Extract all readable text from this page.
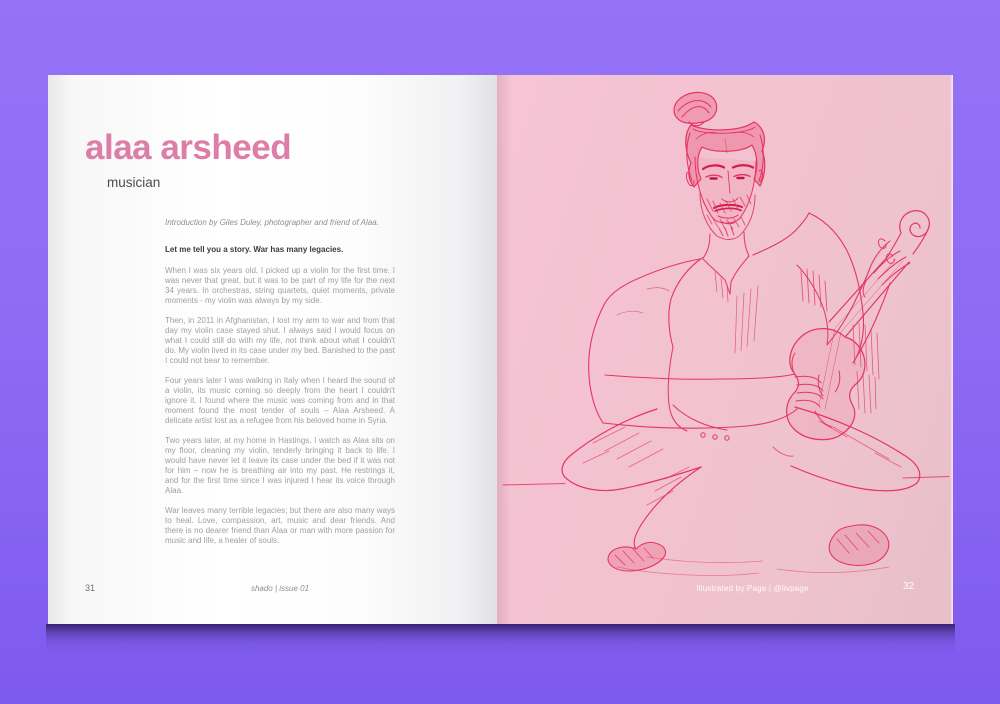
alaa arsheed
musician
Introduction by Giles Duley, photographer and friend of Alaa.

Let me tell you a story. War has many legacies.

When I was six years old, I picked up a violin for the first time. I was never that great, but it was to be part of my life for the next 34 years. In orchestras, string quartets, quiet moments, private moments - my violin was always by my side.

Then, in 2011 in Afghanistan, I lost my arm to war and from that day my violin case stayed shut. I always said I would focus on what I could still do with my life, not think about what I couldn't do. My violin lived in its case under my bed. Banished to the past I could not bear to remember.

Four years later I was walking in Italy when I heard the sound of a violin, its music coming so deeply from the heart I couldn't ignore it. I found where the music was coming from and in that moment found the most tender of souls – Alaa Arsheed. A delicate artist lost as a refugee from his beloved home in Syria.

Two years later, at my home in Hastings, I watch as Alaa sits on my floor, cleaning my violin, tenderly bringing it back to life. I would have never let it leave its case under the bed if it was not for him – now he is breathing air into my past. He restrings it, and for the first time since I was injured I hear its voice through Alaa.

War leaves many terrible legacies; but there are also many ways to heal. Love, compassion, art, music and dear friends. And there is no dearer friend than Alaa or man with more passion for music and life, a healer of souls.

31	shado | issue 01	Illustrated by Page | @livpage	32
